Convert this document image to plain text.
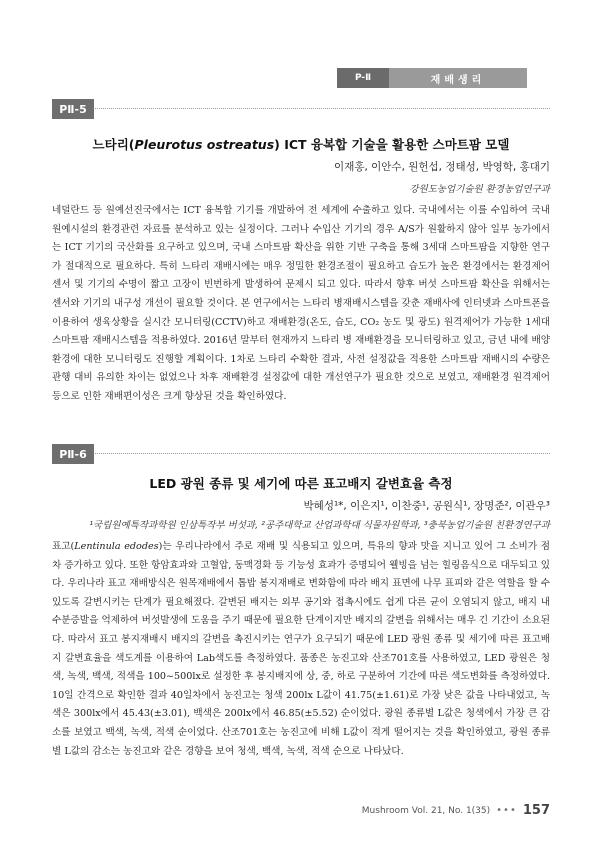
P-Ⅱ	재배생리
PⅡ-5
느타리(Pleurotus ostreatus) ICT 융복합 기술을 활용한 스마트팜 모델
이재홍, 이안수, 원헌섭, 정태성, 박영학, 홍대기
강원도농업기술원 환경농업연구과

네덜란드 등 원예선진국에서는 ICT 융복합 기기를 개발하여 전 세계에 수출하고 있다. 국내에서는 이를 수입하여 국내 원예시설의 환경관련 자료를 분석하고 있는 실정이다. 그러나 수입산 기기의 경우 A/S가 원활하지 않아 일부 농가에서는 ICT 기기의 국산화를 요구하고 있으며, 국내 스마트팜 확산을 위한 기반 구축을 통해 3세대 스마트팜을 지향한 연구가 절대적으로 필요하다. 특히 느타리 재배시에는 매우 정밀한 환경조절이 필요하고 습도가 높은 환경에서는 환경제어 센서 및 기기의 수명이 짧고 고장이 빈번하게 발생하여 문제시 되고 있다. 따라서 향후 버섯 스마트팜 확산을 위해서는 센서와 기기의 내구성 개선이 필요할 것이다. 본 연구에서는 느타리 병재배시스템을 갖춘 재배사에 인터넷과 스마트폰을 이용하여 생육상황을 실시간 모니터링(CCTV)하고 재배환경(온도, 습도, CO₂ 농도 및 광도) 원격제어가 가능한 1세대 스마트팜 재배시스템을 적용하였다. 2016년 말부터 현재까지 느타리 병 재배환경을 모니터링하고 있고, 금년 내에 배양환경에 대한 모니터링도 진행할 계획이다. 1차로 느타리 수확한 결과, 사전 설정값을 적용한 스마트팜 재배시의 수량은 관행 대비 유의한 차이는 없었으나 차후 재배환경 설정값에 대한 개선연구가 필요한 것으로 보였고, 재배환경 원격제어 등으로 인한 재배편이성은 크게 향상된 것을 확인하였다.

PⅡ-6
LED 광원 종류 및 세기에 따른 표고배지 갈변효율 측정
박혜성¹*, 이은지¹, 이찬중¹, 공원식¹, 장명준², 이관우³
¹국립원예특작과학원 인삼특작부 버섯과, ²공주대학교 산업과학대 식물자원학과, ³충북농업기술원 친환경연구과

표고(Lentinula edodes)는 우리나라에서 주로 재배 및 식용되고 있으며, 특유의 향과 맛을 지니고 있어 그 소비가 점차 증가하고 있다. 또한 항암효과와 고혈압, 동맥경화 등 기능성 효과가 증명되어 웰빙을 넘는 힐링음식으로 대두되고 있다. 우리나라 표고 재배방식은 원목재배에서 톱밥 봉지재배로 변화함에 따라 배지 표면에 나무 표피와 같은 역할을 할 수 있도록 갈변시키는 단계가 필요해졌다. 갈변된 배지는 외부 공기와 접촉시에도 쉽게 다른 균이 오염되지 않고, 배지 내 수분증발을 억제하여 버섯발생에 도움을 주기 때문에 필요한 단계이지만 배지의 갈변을 위해서는 매우 긴 기간이 소요된다. 따라서 표고 봉지재배시 배지의 갈변을 촉진시키는 연구가 요구되기 때문에 LED 광원 종류 및 세기에 따른 표고배지 갈변효율을 색도계를 이용하여 Lab색도를 측정하였다. 품종은 농진고와 산조701호를 사용하였고, LED 광원은 청색, 녹색, 백색, 적색을 100~500lx로 설정한 후 봉지배지에 상, 중, 하로 구분하여 기간에 따른 색도변화를 측정하였다. 10일 간격으로 확인한 결과 40일차에서 농진고는 청색 200lx L값이 41.75(±1.61)로 가장 낮은 값을 나타내었고, 녹색은 300lx에서 45.43(±3.01), 백색은 200lx에서 46.85(±5.52) 순이었다. 광원 종류별 L값은 청색에서 가장 큰 감소를 보였고 백색, 녹색, 적색 순이었다. 산조701호는 농진고에 비해 L값이 적게 떨어지는 것을 확인하였고, 광원 종류별 L값의 감소는 농진고와 같은 경향을 보여 청색, 백색, 녹색, 적색 순으로 나타났다.

Mushroom Vol. 21, No. 1(35) ••• 157
